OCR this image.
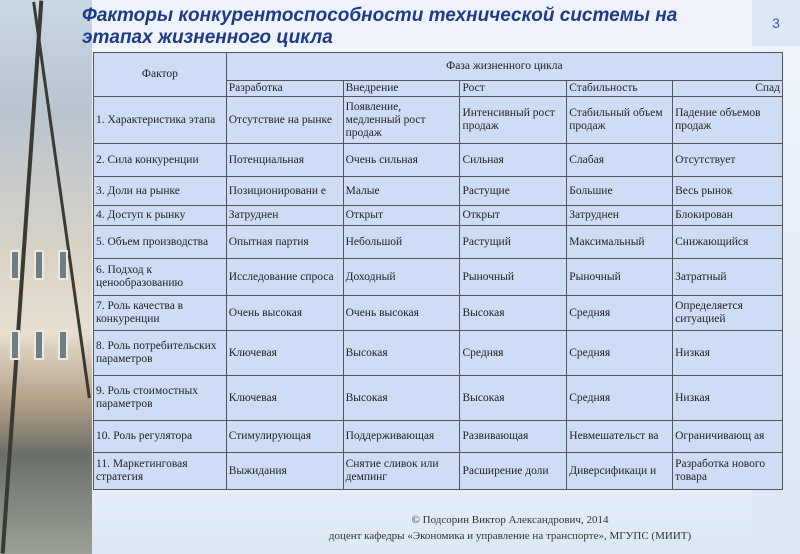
Факторы конкурентоспособности технической системы на этапах жизненного цикла
3
Фактор	Фаза жизненного цикла				
	Разработка	Внедрение	Рост	Стабильность	Спад
1. Характеристика этапа	Отсутствие на рынке	Появление, медленный рост продаж	Интенсивный рост продаж	Стабильный объем продаж	Падение объемов продаж
2. Сила конкуренции	Потенциальная	Очень сильная	Сильная	Слабая	Отсутствует
3. Доли на рынке	Позиционировани е	Малые	Растущие	Большие	Весь рынок
4. Доступ к рынку	Затруднен	Открыт	Открыт	Затруднен	Блокирован
5. Объем производства	Опытная партия	Небольшой	Растущий	Максимальный	Снижающийся
6. Подход к ценообразованию	Исследование спроса	Доходный	Рыночный	Рыночный	Затратный
7. Роль качества в конкуренции	Очень высокая	Очень высокая	Высокая	Средняя	Определяется ситуацией
8. Роль потребительских параметров	Ключевая	Высокая	Средняя	Средняя	Низкая
9. Роль стоимостных параметров	Ключевая	Высокая	Высокая	Средняя	Низкая
10. Роль регулятора	Стимулирующая	Поддерживающая	Развивающая	Невмешательст ва	Ограничивающ ая
11. Маркетинговая стратегия	Выжидания	Снятие сливок или демпинг	Расширение доли	Диверсификаци и	Разработка нового товара
© Подсорин Виктор Александрович, 2014
доцент кафедры «Экономика и управление на транспорте», МГУПС (МИИТ)
